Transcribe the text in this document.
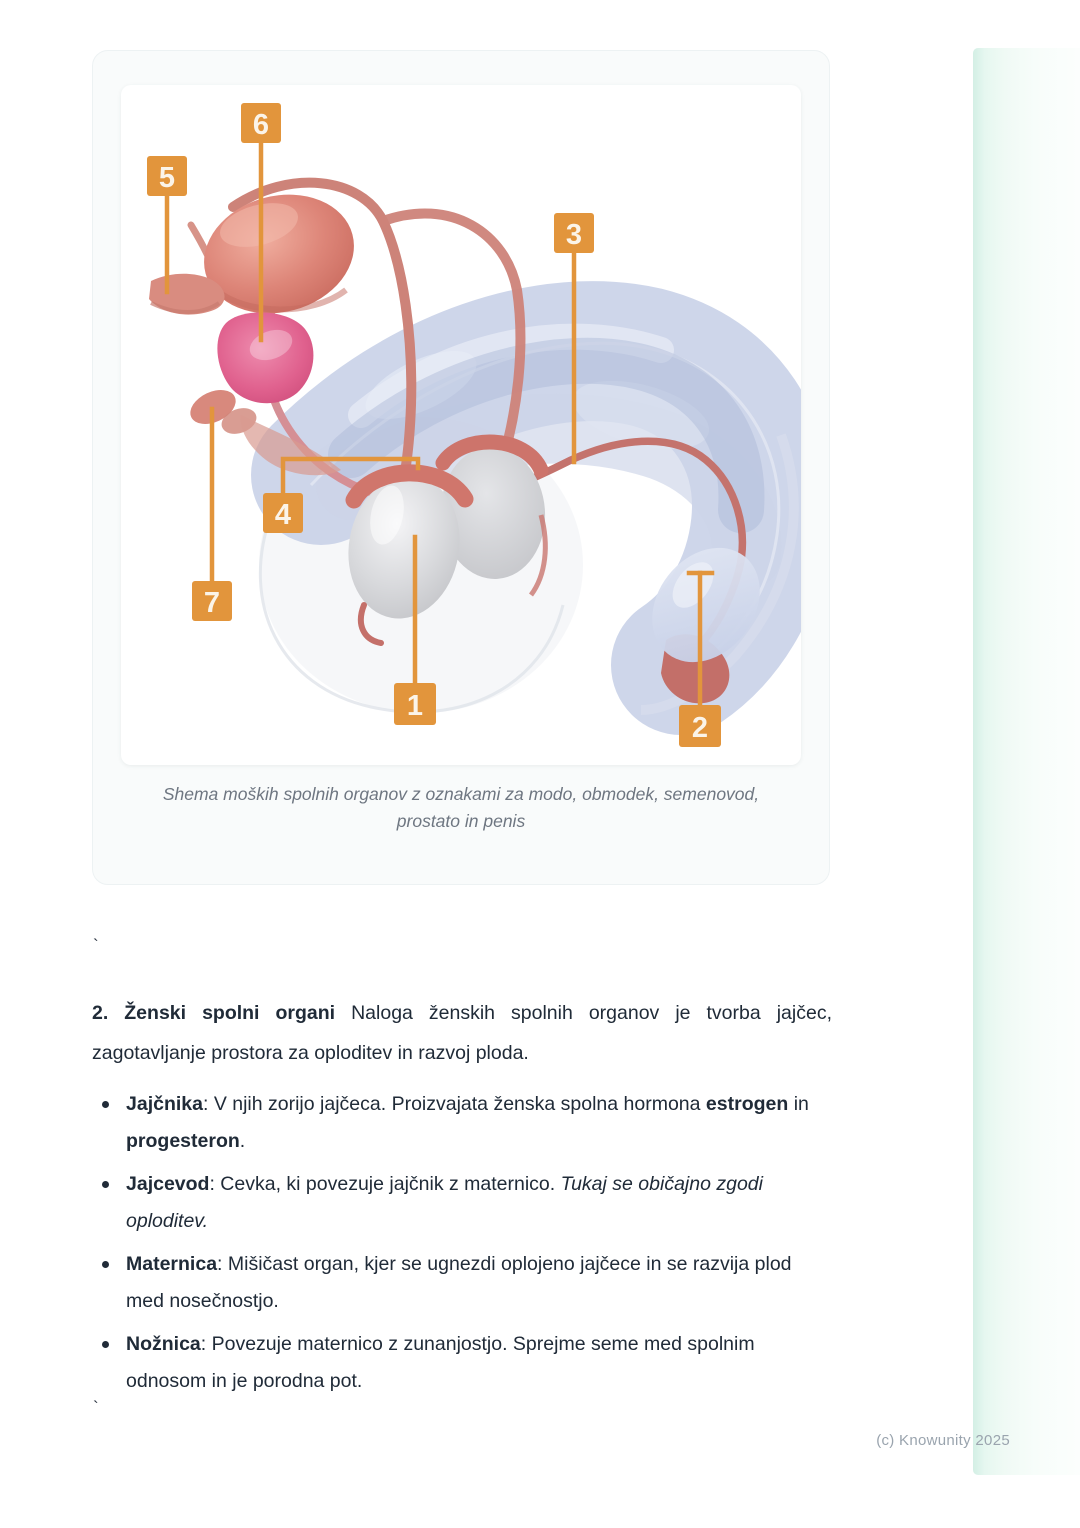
5
6
3
4
7
1
2

Shema moških spolnih organov z oznakami za modo, obmodek, semenovod, prostato in penis

`

2. Ženski spolni organi Naloga ženskih spolnih organov je tvorba jajčec, zagotavljanje prostora za oploditev in razvoj ploda.

Jajčnika: V njih zorijo jajčeca. Proizvajata ženska spolna hormona estrogen in progesteron.
Jajcevod: Cevka, ki povezuje jajčnik z maternico. Tukaj se običajno zgodi oploditev.
Maternica: Mišičast organ, kjer se ugnezdi oplojeno jajčece in se razvija plod med nosečnostjo.
Nožnica: Povezuje maternico z zunanjostjo. Sprejme seme med spolnim odnosom in je porodna pot.
`
(c) Knowunity 2025
